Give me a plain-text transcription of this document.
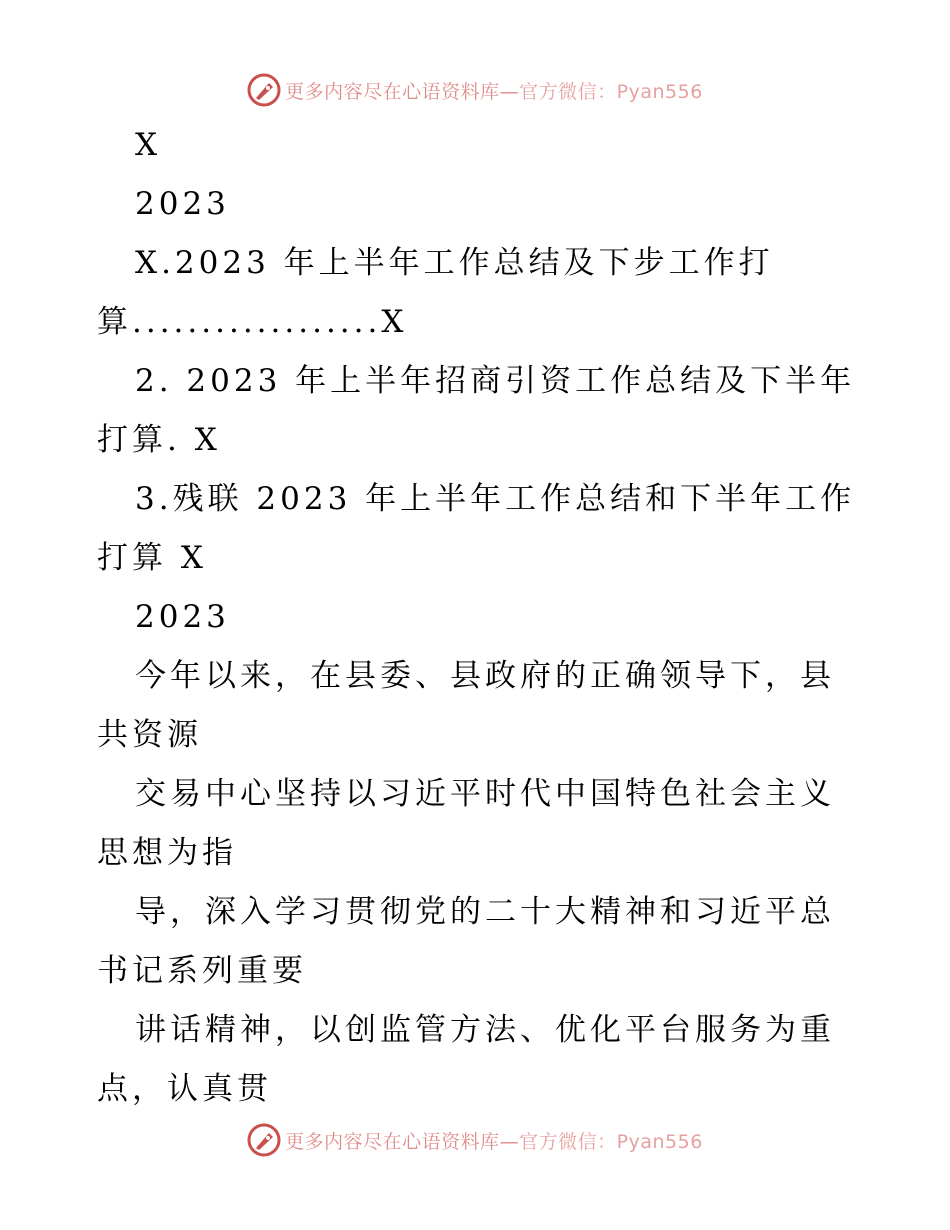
更多内容尽在心语资料库—官方微信：Pyan556

X

2023

X.2023 年上半年工作总结及下步工作打算..................X

2. 2023 年上半年招商引资工作总结及下半年打算. X

3.残联 2023 年上半年工作总结和下半年工作打算 X

2023

今年以来，在县委、县政府的正确领导下，县共资源

交易中心坚持以习近平时代中国特色社会主义思想为指

导，深入学习贯彻党的二十大精神和习近平总书记系列重要

讲话精神，以创监管方法、优化平台服务为重点，认真贯

更多内容尽在心语资料库—官方微信：Pyan556
